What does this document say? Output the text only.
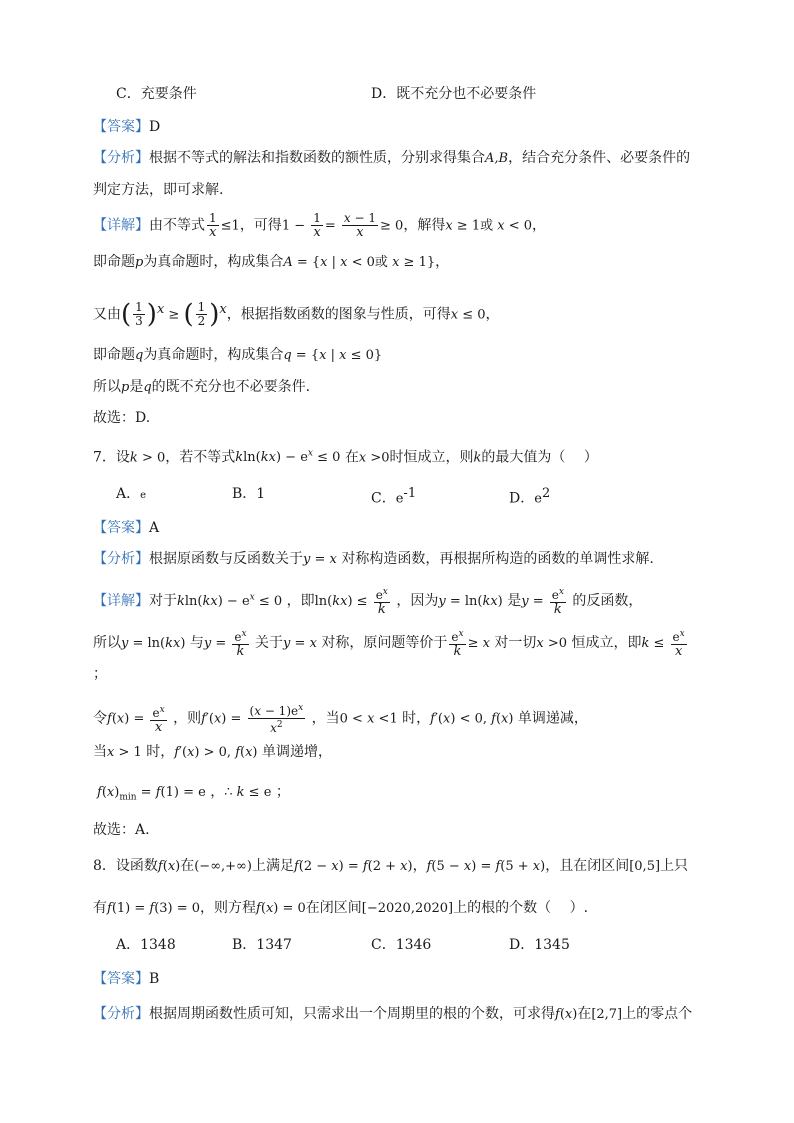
C．充要条件	D．既不充分也不必要条件
【答案】D
【分析】根据不等式的解法和指数函数的额性质，分别求得集合A,B，结合充分条件、必要条件的
判定方法，即可求解.
【详解】由不等式 $\frac{1}{x} \le 1$，可得$1 - \frac{1}{x} = \frac{x - 1}{x} \ge 0$，解得x ≥ 1或 x < 0，
即命题p为真命题时，构成集合A = {x | x < 0或 x ≥ 1}，
又由( $\frac{1}{3} )^x$ ≥ ( $\frac{1}{2} )^x$，根据指数函数的图象与性质，可得x ≤ 0，
即命题q为真命题时，构成集合q = {x | x ≤ 0}
所以p是q的既不充分也不必要条件.
故选：D.
7．设k > 0，若不等式$kln(kx) - e^x \le 0$ 在x >0时恒成立，则k的最大值为（　 ）
A．e	B．1	C．$e^{-1}$	D．$e^2$
【答案】A
【分析】根据原函数与反函数关于y = x 对称构造函数，再根据所构造的函数的单调性求解.
【详解】对于$kln(kx) - e^x \le 0$ ，即$\ln(kx) \le \frac{e^x}{k}$ ，因为y = ln(kx) 是$y = \frac{e^x}{k}$ 的反函数，
所以y = ln(kx) 与$y = \frac{e^x}{k}$ 关于y = x 对称，原问题等价于 $\frac{e^x}{k} \ge x$ 对一切x >0 恒成立，即$k \le \frac{e^x}{x}$
；
令$f(x) = \frac{e^x}{x}$ ，则$f'(x) = \frac{(x - 1)e^x}{x^2}$ ，当0 < x <1 时，f′(x) < 0, f(x) 单调递减，
当x > 1 时，f′(x) > 0, f(x) 单调递增，
$f(x)_{min} = f(1) = e$ ，∴ k ≤ e ；
故选：A.
8．设函数f(x)在(−∞,+∞)上满足f(2 − x) = f(2 + x)，f(5 − x) = f(5 + x)，且在闭区间[0,5]上只
有f(1) = f(3) = 0，则方程f(x) = 0在闭区间[−2020,2020]上的根的个数（　 ）.
A．1348	B．1347	C．1346	D．1345
【答案】B
【分析】根据周期函数性质可知，只需求出一个周期里的根的个数，可求得f(x)在[2,7]上的零点个
